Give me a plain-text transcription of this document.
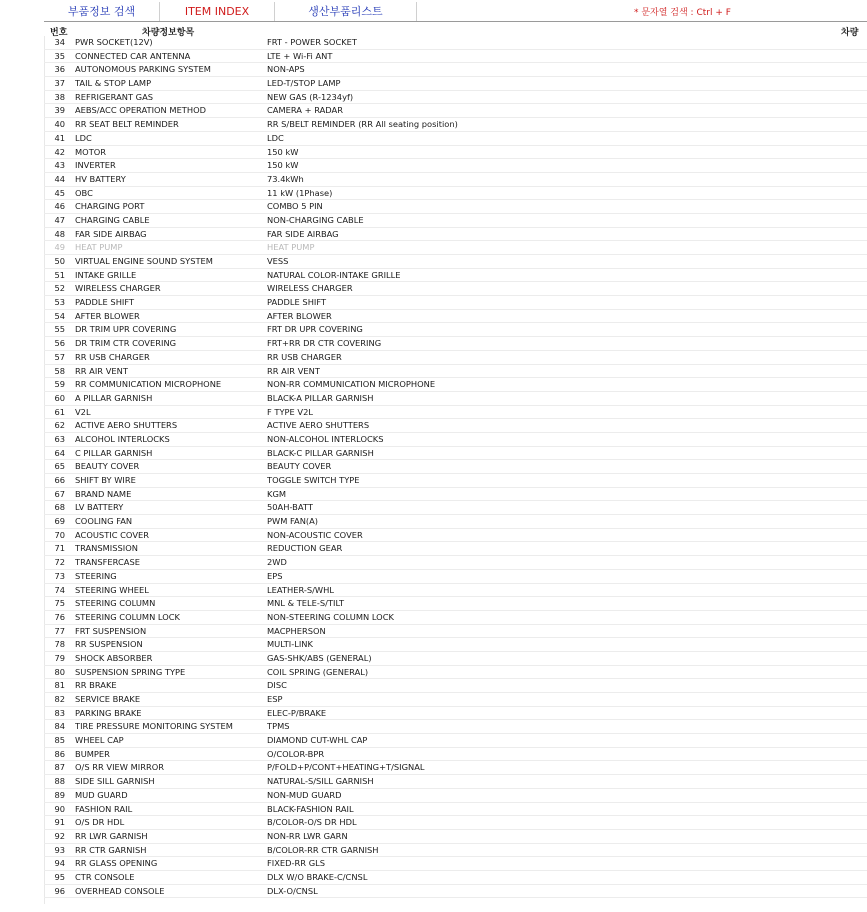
부품정보 검색	ITEM INDEX	생산부품리스트	* 문자열 검색 : Ctrl + F
번호	차량정보항목	차량
34 PWR SOCKET(12V)	FRT - POWER SOCKET
35 CONNECTED CAR ANTENNA	LTE + Wi-Fi ANT
36 AUTONOMOUS PARKING SYSTEM	NON-APS
37 TAIL & STOP LAMP	LED-T/STOP LAMP
38 REFRIGERANT GAS	NEW GAS (R-1234yf)
39 AEBS/ACC OPERATION METHOD	CAMERA + RADAR
40 RR SEAT BELT REMINDER	RR S/BELT REMINDER (RR All seating position)
41 LDC	LDC
42 MOTOR	150 kW
43 INVERTER	150 kW
44 HV BATTERY	73.4kWh
45 OBC	11 kW (1Phase)
46 CHARGING PORT	COMBO 5 PIN
47 CHARGING CABLE	NON-CHARGING CABLE
48 FAR SIDE AIRBAG	FAR SIDE AIRBAG
49 HEAT PUMP	HEAT PUMP
50 VIRTUAL ENGINE SOUND SYSTEM	VESS
51 INTAKE GRILLE	NATURAL COLOR-INTAKE GRILLE
52 WIRELESS CHARGER	WIRELESS CHARGER
53 PADDLE SHIFT	PADDLE SHIFT
54 AFTER BLOWER	AFTER BLOWER
55 DR TRIM UPR COVERING	FRT DR UPR COVERING
56 DR TRIM CTR COVERING	FRT+RR DR CTR COVERING
57 RR USB CHARGER	RR USB CHARGER
58 RR AIR VENT	RR AIR VENT
59 RR COMMUNICATION MICROPHONE	NON-RR COMMUNICATION MICROPHONE
60 A PILLAR GARNISH	BLACK-A PILLAR GARNISH
61 V2L	F TYPE V2L
62 ACTIVE AERO SHUTTERS	ACTIVE AERO SHUTTERS
63 ALCOHOL INTERLOCKS	NON-ALCOHOL INTERLOCKS
64 C PILLAR GARNISH	BLACK-C PILLAR GARNISH
65 BEAUTY COVER	BEAUTY COVER
66 SHIFT BY WIRE	TOGGLE SWITCH TYPE
67 BRAND NAME	KGM
68 LV BATTERY	50AH-BATT
69 COOLING FAN	PWM FAN(A)
70 ACOUSTIC COVER	NON-ACOUSTIC COVER
71 TRANSMISSION	REDUCTION GEAR
72 TRANSFERCASE	2WD
73 STEERING	EPS
74 STEERING WHEEL	LEATHER-S/WHL
75 STEERING COLUMN	MNL & TELE-S/TILT
76 STEERING COLUMN LOCK	NON-STEERING COLUMN LOCK
77 FRT SUSPENSION	MACPHERSON
78 RR SUSPENSION	MULTI-LINK
79 SHOCK ABSORBER	GAS-SHK/ABS (GENERAL)
80 SUSPENSION SPRING TYPE	COIL SPRING (GENERAL)
81 RR BRAKE	DISC
82 SERVICE BRAKE	ESP
83 PARKING BRAKE	ELEC-P/BRAKE
84 TIRE PRESSURE MONITORING SYSTEM	TPMS
85 WHEEL CAP	DIAMOND CUT-WHL CAP
86 BUMPER	O/COLOR-BPR
87 O/S RR VIEW MIRROR	P/FOLD+P/CONT+HEATING+T/SIGNAL
88 SIDE SILL GARNISH	NATURAL-S/SILL GARNISH
89 MUD GUARD	NON-MUD GUARD
90 FASHION RAIL	BLACK-FASHION RAIL
91 O/S DR HDL	B/COLOR-O/S DR HDL
92 RR LWR GARNISH	NON-RR LWR GARN
93 RR CTR GARNISH	B/COLOR-RR CTR GARNISH
94 RR GLASS OPENING	FIXED-RR GLS
95 CTR CONSOLE	DLX W/O BRAKE-C/CNSL
96 OVERHEAD CONSOLE	DLX-O/CNSL
